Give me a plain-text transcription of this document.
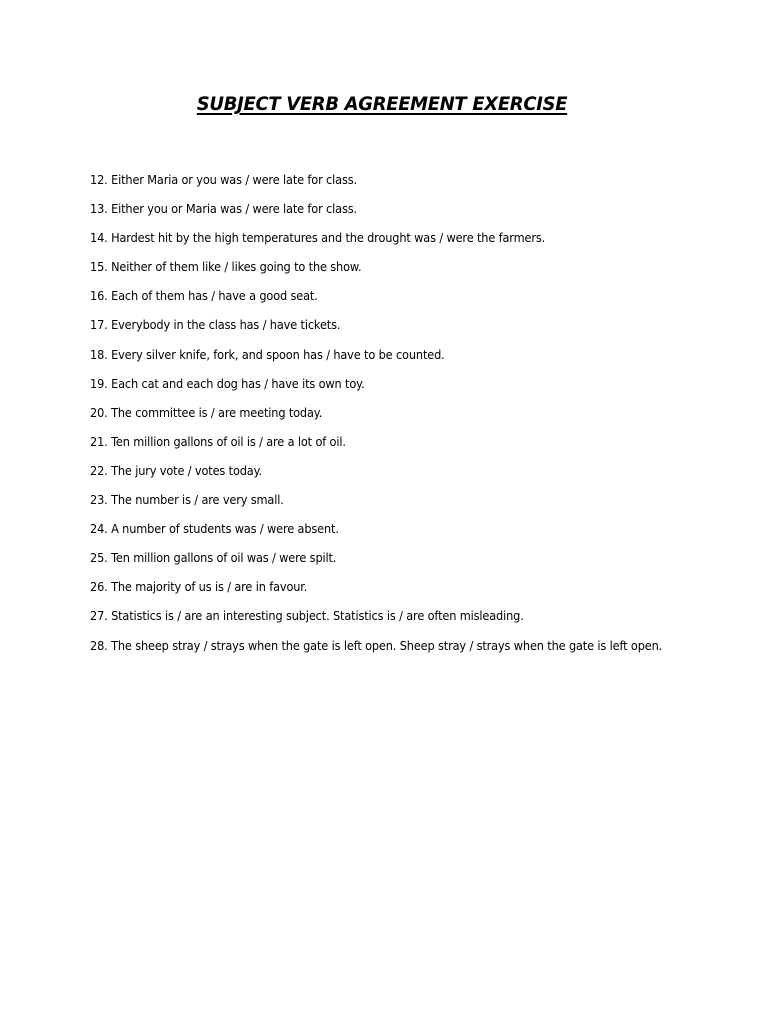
SUBJECT VERB AGREEMENT EXERCISE
12. Either Maria or you was / were late for class.
13. Either you or Maria was / were late for class.
14. Hardest hit by the high temperatures and the drought was / were the farmers.
15. Neither of them like / likes going to the show.
16. Each of them has / have a good seat.
17. Everybody in the class has / have tickets.
18. Every silver knife, fork, and spoon has / have to be counted.
19. Each cat and each dog has / have its own toy.
20. The committee is / are meeting today.
21. Ten million gallons of oil is / are a lot of oil.
22. The jury vote / votes today.
23. The number is / are very small.
24. A number of students was / were absent.
25. Ten million gallons of oil was / were spilt.
26. The majority of us is / are in favour.
27. Statistics is / are an interesting subject. Statistics is / are often misleading.
28. The sheep stray / strays when the gate is left open. Sheep stray / strays when the gate is left open.
